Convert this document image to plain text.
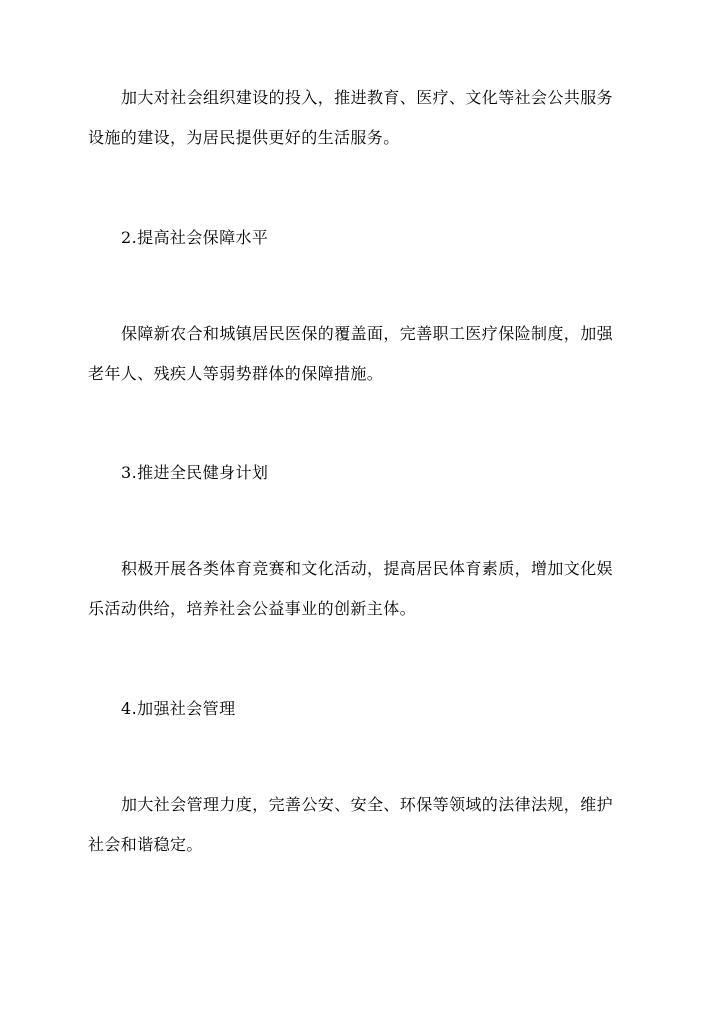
加大对社会组织建设的投入，推进教育、医疗、文化等社会公共服务
设施的建设，为居民提供更好的生活服务。
2.提高社会保障水平
保障新农合和城镇居民医保的覆盖面，完善职工医疗保险制度，加强
老年人、残疾人等弱势群体的保障措施。
3.推进全民健身计划
积极开展各类体育竞赛和文化活动，提高居民体育素质，增加文化娱
乐活动供给，培养社会公益事业的创新主体。
4.加强社会管理
加大社会管理力度，完善公安、安全、环保等领域的法律法规，维护
社会和谐稳定。
